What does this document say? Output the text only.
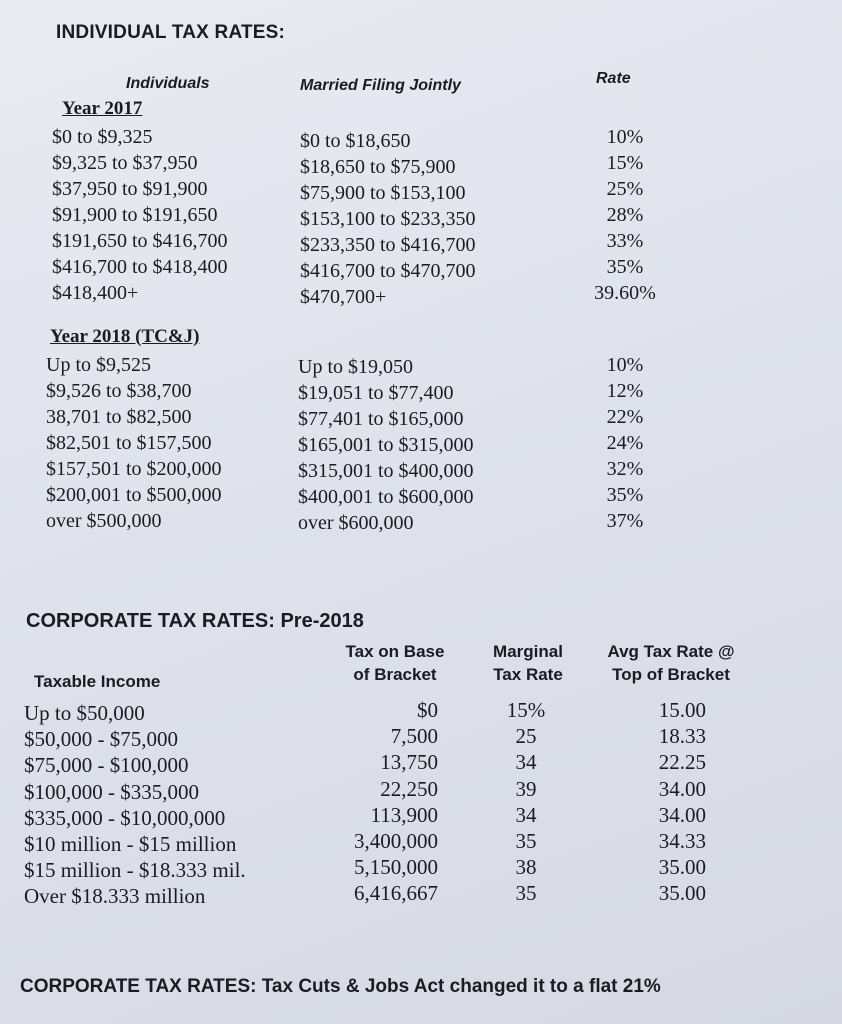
INDIVIDUAL TAX RATES:
Individuals	Married Filing Jointly	Rate
Year 2017
$0 to $9,325
$9,325 to $37,950
$37,950 to $91,900
$91,900 to $191,650
$191,650 to $416,700
$416,700 to $418,400
$418,400+
$0 to $18,650
$18,650 to $75,900
$75,900 to $153,100
$153,100 to $233,350
$233,350 to $416,700
$416,700 to $470,700
$470,700+
10%
15%
25%
28%
33%
35%
39.60%
Year 2018 (TC&J)
Up to $9,525
$9,526 to $38,700
38,701 to $82,500
$82,501 to $157,500
$157,501 to $200,000
$200,001 to $500,000
over $500,000
Up to $19,050
$19,051 to $77,400
$77,401 to $165,000
$165,001 to $315,000
$315,001 to $400,000
$400,001 to $600,000
over $600,000
10%
12%
22%
24%
32%
35%
37%
CORPORATE TAX RATES: Pre-2018
Taxable Income
Tax on Base
of Bracket
Marginal
Tax Rate
Avg Tax Rate @
Top of Bracket
Up to $50,000
$50,000 - $75,000
$75,000 - $100,000
$100,000 - $335,000
$335,000 - $10,000,000
$10 million - $15 million
$15 million - $18.333 mil.
Over $18.333 million
$0
7,500
13,750
22,250
113,900
3,400,000
5,150,000
6,416,667
15%
25
34
39
34
35
38
35
15.00
18.33
22.25
34.00
34.00
34.33
35.00
35.00
CORPORATE TAX RATES: Tax Cuts & Jobs Act changed it to a flat 21%
